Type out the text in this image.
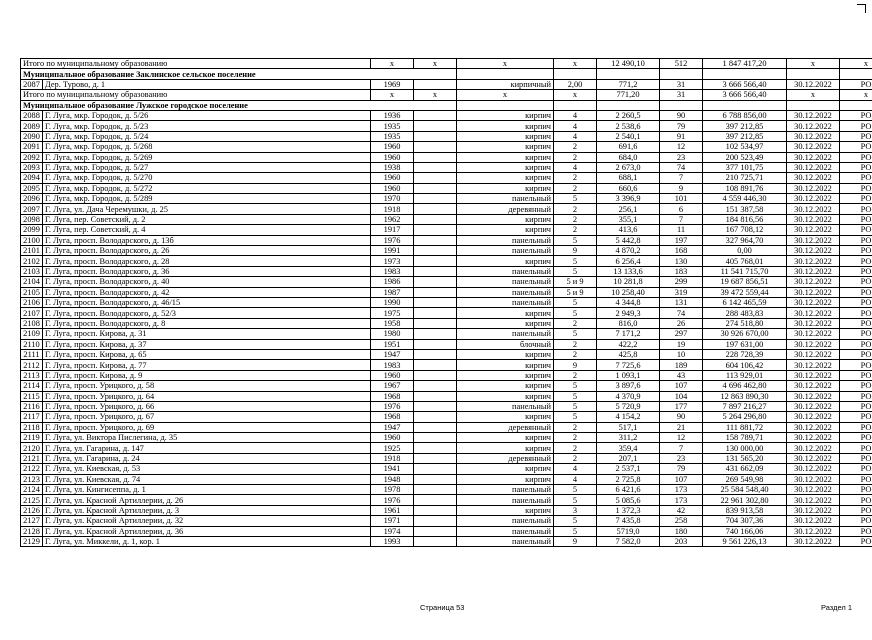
Итого по муниципальному образованию		х	х	х	х	12 490,10	512	1 847 417,20	х	х
Муниципальное образование Заклинское сельское поселение										
2087	Дер. Турово, д. 1	1969		кирпичный	2,00	771,2	31	3 666 566,40	30.12.2022	РО
Итого по муниципальному образованию		х	х	х	х	771,20	31	3 666 566,40	х	х
Муниципальное образование Лужское городское поселение										
2088	Г. Луга, мкр. Городок, д. 5/26	1936		кирпич	4	2 260,5	90	6 788 856,00	30.12.2022	РО
2089	Г. Луга, мкр. Городок, д. 5/23	1935		кирпич	4	2 538,6	79	397 212,85	30.12.2022	РО
2090	Г. Луга, мкр. Городок, д. 5/24	1935		кирпич	4	2 540,1	91	397 212,85	30.12.2022	РО
2091	Г. Луга, мкр. Городок, д. 5/268	1960		кирпич	2	691,6	12	102 534,97	30.12.2022	РО
2092	Г. Луга, мкр. Городок, д. 5/269	1960		кирпич	2	684,0	23	200 523,49	30.12.2022	РО
2093	Г. Луга, мкр. Городок, д. 5/27	1938		кирпич	4	2 673,0	74	377 101,75	30.12.2022	РО
2094	Г. Луга, мкр. Городок, д. 5/270	1960		кирпич	2	688,1	7	210 725,71	30.12.2022	РО
2095	Г. Луга, мкр. Городок, д. 5/272	1960		кирпич	2	660,6	9	108 891,76	30.12.2022	РО
2096	Г. Луга, мкр. Городок, д. 5/289	1970		панельный	5	3 396,9	101	4 559 446,30	30.12.2022	РО
2097	Г. Луга, ул. Дача Черемушки, д. 25	1918		деревянный	2	256,1	6	151 387,58	30.12.2022	РО
2098	Г. Луга, пер. Советский, д. 2	1962		кирпич	2	355,1	7	184 816,56	30.12.2022	РО
2099	Г. Луга, пер. Советский, д. 4	1917		кирпич	2	413,6	11	167 708,12	30.12.2022	РО
2100	Г. Луга, просп. Володарского, д. 13б	1976		панельный	5	5 442,8	197	327 964,70	30.12.2022	РО
2101	Г. Луга, просп. Володарского, д. 26	1991		панельный	9	4 870,2	168	0,00	30.12.2022	РО
2102	Г. Луга, просп. Володарского, д. 28	1973		кирпич	5	6 256,4	130	405 768,01	30.12.2022	РО
2103	Г. Луга, просп. Володарского, д. 36	1983		панельный	5	13 133,6	183	11 541 715,70	30.12.2022	РО
2104	Г. Луга, просп. Володарского, д. 40	1986		панельный	5 и 9	10 281,8	299	19 687 856,51	30.12.2022	РО
2105	Г. Луга, просп. Володарского, д. 42	1987		панельный	5 и 9	10 258,40	319	39 472 559,44	30.12.2022	РО
2106	Г. Луга, просп. Володарского, д. 46/15	1990		панельный	5	4 344,8	131	6 142 465,59	30.12.2022	РО
2107	Г. Луга, просп. Володарского, д. 52/3	1975		кирпич	5	2 949,3	74	288 483,83	30.12.2022	РО
2108	Г. Луга, просп. Володарского, д. 8	1958		кирпич	2	816,0	26	274 518,80	30.12.2022	РО
2109	Г. Луга, просп. Кирова, д. 31	1980		панельный	5	7 171,2	297	30 926 670,00	30.12.2022	РО
2110	Г. Луга, просп. Кирова, д. 37	1951		блочный	2	422,2	19	197 631,00	30.12.2022	РО
2111	Г. Луга, просп. Кирова, д. 65	1947		кирпич	2	425,8	10	228 728,39	30.12.2022	РО
2112	Г. Луга, просп. Кирова, д. 77	1983		кирпич	9	7 725,6	189	604 106,42	30.12.2022	РО
2113	Г. Луга, просп. Кирова, д. 9	1960		кирпич	2	1 093,1	43	113 929,01	30.12.2022	РО
2114	Г. Луга, просп. Урицкого, д. 58	1967		кирпич	5	3 897,6	107	4 696 462,80	30.12.2022	РО
2115	Г. Луга, просп. Урицкого, д. 64	1968		кирпич	5	4 370,9	104	12 863 890,30	30.12.2022	РО
2116	Г. Луга, просп. Урицкого, д. 66	1976		панельный	5	5 720,9	177	7 897 216,27	30.12.2022	РО
2117	Г. Луга, просп. Урицкого, д. 67	1968		кирпич	5	4 154,2	90	5 264 296,80	30.12.2022	РО
2118	Г. Луга, просп. Урицкого, д. 69	1947		деревянный	2	517,1	21	111 881,72	30.12.2022	РО
2119	Г. Луга, ул. Виктора Пислегина, д. 35	1960		кирпич	2	311,2	12	158 789,71	30.12.2022	РО
2120	Г. Луга, ул. Гагарина, д. 147	1925		кирпич	2	359,4	7	130 000,00	30.12.2022	РО
2121	Г. Луга, ул. Гагарина, д. 24	1918		деревянный	2	207,1	23	131 565,20	30.12.2022	РО
2122	Г. Луга, ул. Киевская, д. 53	1941		кирпич	4	2 537,1	79	431 662,09	30.12.2022	РО
2123	Г. Луга, ул. Киевская, д. 74	1948		кирпич	4	2 725,8	107	269 549,98	30.12.2022	РО
2124	Г. Луга, ул. Кингисеппа, д. 1	1978		панельный	5	6 421,6	173	25 584 548,40	30.12.2022	РО
2125	Г. Луга, ул. Красной Артиллерии, д. 26	1976		панельный	5	5 085,6	173	22 961 302,80	30.12.2022	РО
2126	Г. Луга, ул. Красной Артиллерии, д. 3	1961		кирпич	3	1 372,3	42	839 913,58	30.12.2022	РО
2127	Г. Луга, ул. Красной Артиллерии, д. 32	1971		панельный	5	7 435,8	258	704 307,36	30.12.2022	РО
2128	Г. Луга, ул. Красной Артиллерии, д. 36	1974		панельный	5	5719,0	180	740 166,06	30.12.2022	РО
2129	Г. Луга, ул. Миккели, д. 1, кор. 1	1993		панельный	9	7 582,0	203	9 561 226,13	30.12.2022	РО
Страница 53	Раздел 1
